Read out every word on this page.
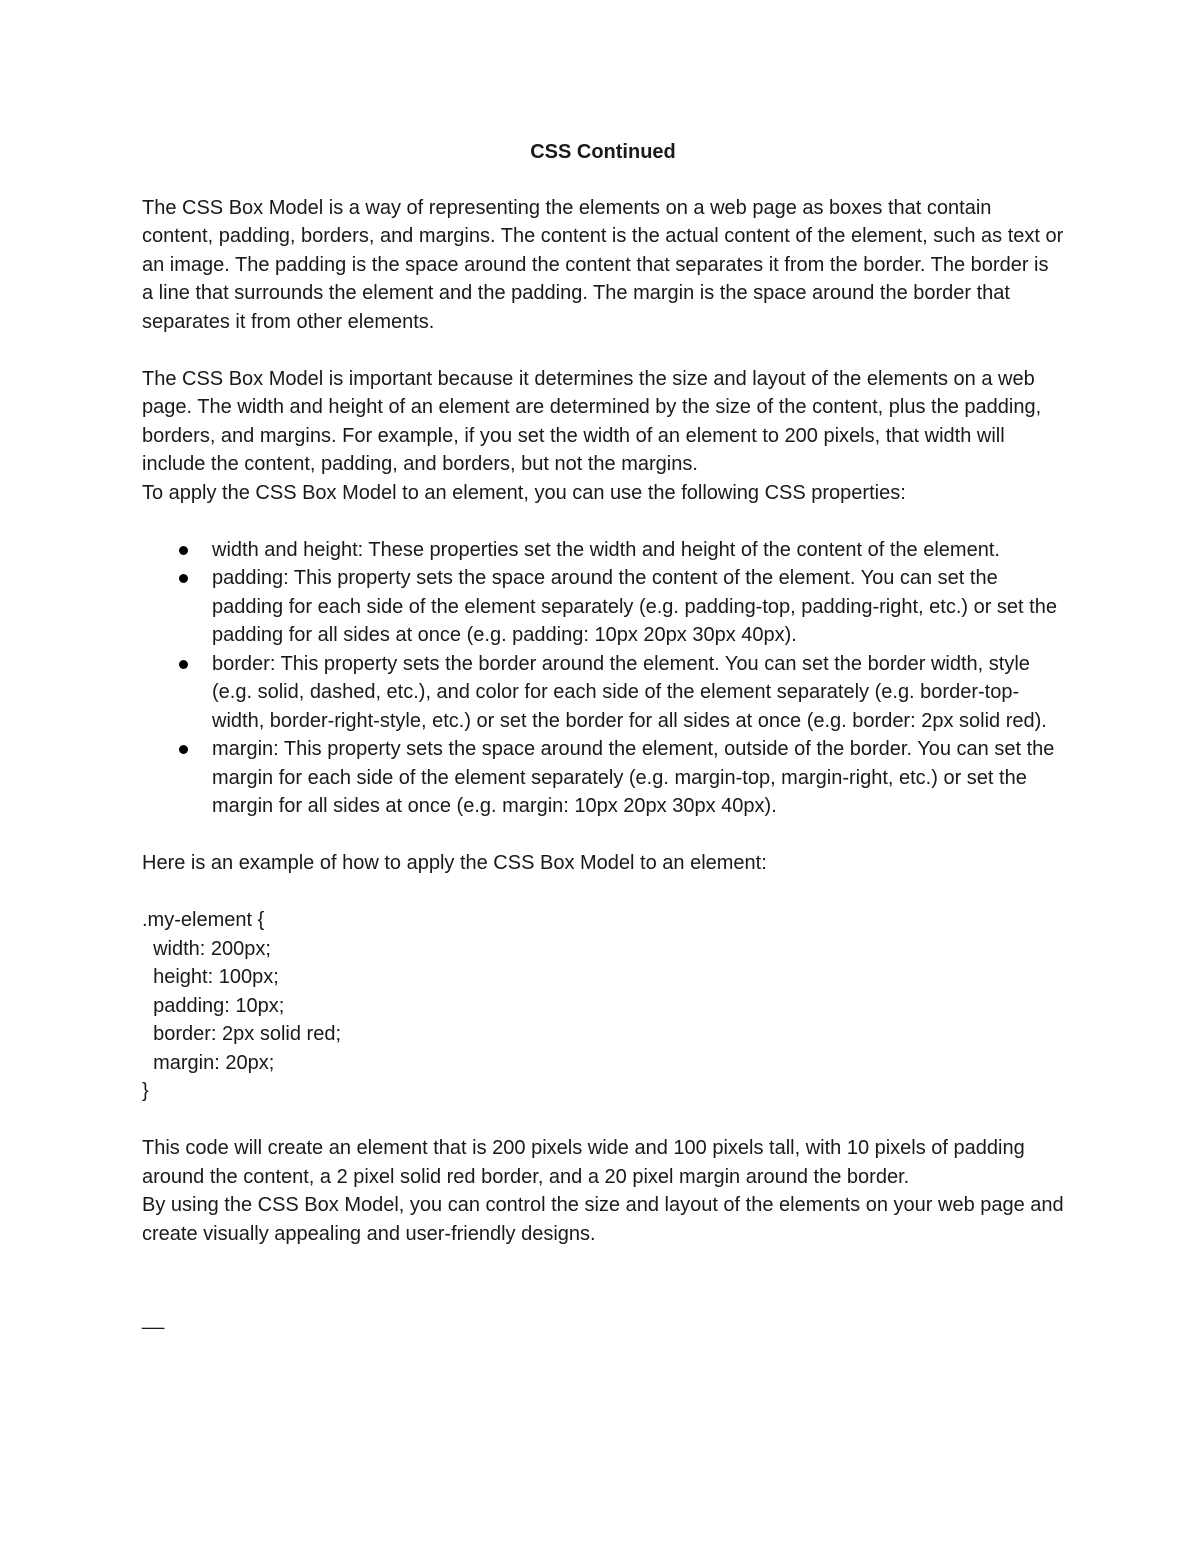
CSS Continued

The CSS Box Model is a way of representing the elements on a web page as boxes that contain content, padding, borders, and margins. The content is the actual content of the element, such as text or an image. The padding is the space around the content that separates it from the border. The border is a line that surrounds the element and the padding. The margin is the space around the border that separates it from other elements.

The CSS Box Model is important because it determines the size and layout of the elements on a web page. The width and height of an element are determined by the size of the content, plus the padding, borders, and margins. For example, if you set the width of an element to 200 pixels, that width will include the content, padding, and borders, but not the margins.

To apply the CSS Box Model to an element, you can use the following CSS properties:

width and height: These properties set the width and height of the content of the element.
padding: This property sets the space around the content of the element. You can set the padding for each side of the element separately (e.g. padding-top, padding-right, etc.) or set the padding for all sides at once (e.g. padding: 10px 20px 30px 40px).
border: This property sets the border around the element. You can set the border width, style (e.g. solid, dashed, etc.), and color for each side of the element separately (e.g. border-top-width, border-right-style, etc.) or set the border for all sides at once (e.g. border: 2px solid red).
margin: This property sets the space around the element, outside of the border. You can set the margin for each side of the element separately (e.g. margin-top, margin-right, etc.) or set the margin for all sides at once (e.g. margin: 10px 20px 30px 40px).

Here is an example of how to apply the CSS Box Model to an element:

.my-element {
width: 200px;
height: 100px;
padding: 10px;
border: 2px solid red;
margin: 20px;
}

This code will create an element that is 200 pixels wide and 100 pixels tall, with 10 pixels of padding around the content, a 2 pixel solid red border, and a 20 pixel margin around the border.

By using the CSS Box Model, you can control the size and layout of the elements on your web page and create visually appealing and user-friendly designs.

__
